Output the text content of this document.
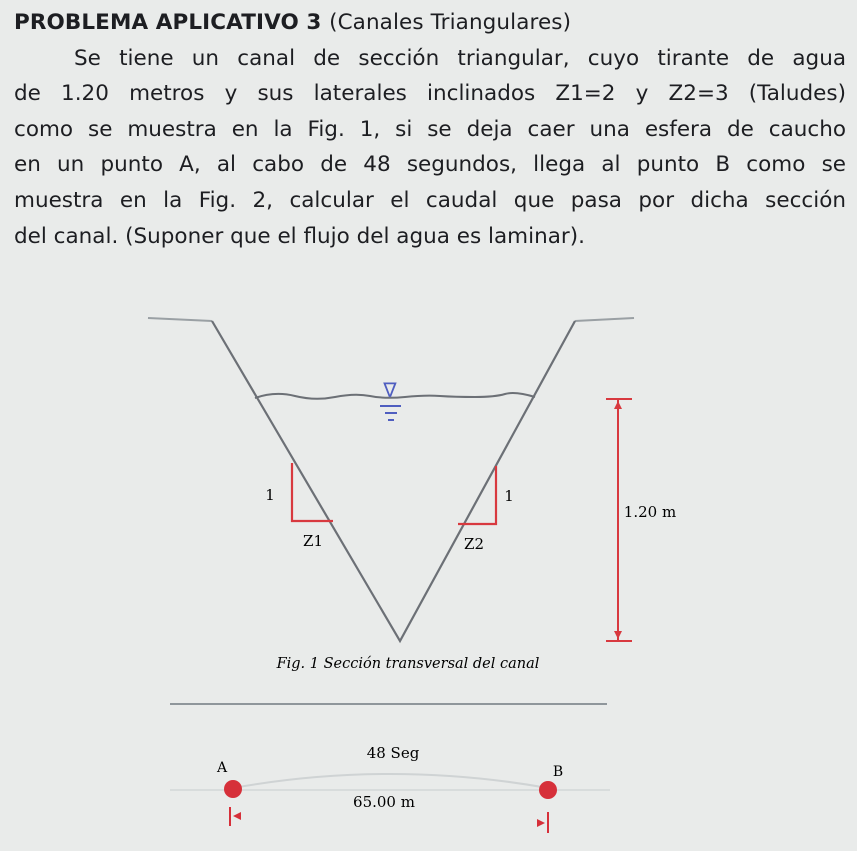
PROBLEMA APLICATIVO 3 (Canales Triangulares)
Se tiene un canal de sección triangular, cuyo tirante de agua
de 1.20 metros y sus laterales inclinados Z1=2 y Z2=3 (Taludes)
como se muestra en la Fig. 1, si se deja caer una esfera de caucho
en un punto A, al cabo de 48 segundos, llega al punto B como se
muestra en la Fig. 2, calcular el caudal que pasa por dicha sección
del canal. (Suponer que el flujo del agua es laminar).
∇
1
Z1
1
Z2
1.20 m
Fig. 1 Sección transversal del canal
48 Seg
A	B
65.00 m
